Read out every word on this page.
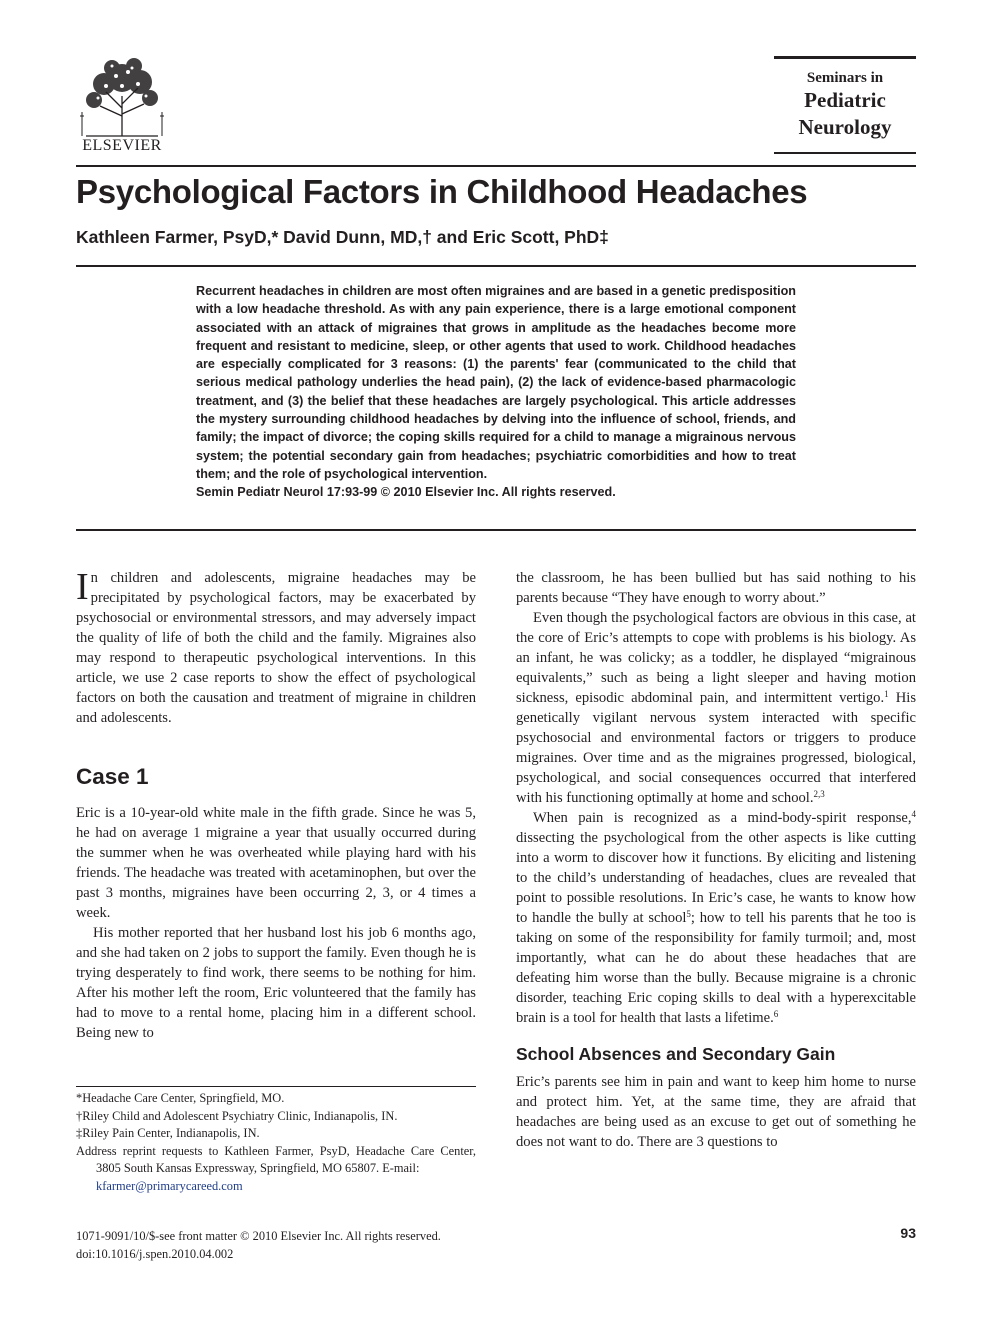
ELSEVIER
Seminars in
Pediatric
Neurology
Psychological Factors in Childhood Headaches
Kathleen Farmer, PsyD,* David Dunn, MD,† and Eric Scott, PhD‡
Recurrent headaches in children are most often migraines and are based in a genetic predisposition with a low headache threshold. As with any pain experience, there is a large emotional component associated with an attack of migraines that grows in amplitude as the headaches become more frequent and resistant to medicine, sleep, or other agents that used to work. Childhood headaches are especially complicated for 3 reasons: (1) the parents' fear (communicated to the child that serious medical pathology underlies the head pain), (2) the lack of evidence-based pharmacologic treatment, and (3) the belief that these headaches are largely psychological. This article addresses the mystery surrounding childhood headaches by delving into the influence of school, friends, and family; the impact of divorce; the coping skills required for a child to manage a migrainous nervous system; the potential secondary gain from headaches; psychiatric comorbidities and how to treat them; and the role of psychological intervention.
Semin Pediatr Neurol 17:93-99 © 2010 Elsevier Inc. All rights reserved.

In children and adolescents, migraine headaches may be precipitated by psychological factors, may be exacerbated by psychosocial or environmental stressors, and may adversely impact the quality of life of both the child and the family. Migraines also may respond to therapeutic psychological interventions. In this article, we use 2 case reports to show the effect of psychological factors on both the causation and treatment of migraine in children and adolescents.

Case 1

Eric is a 10-year-old white male in the fifth grade. Since he was 5, he had on average 1 migraine a year that usually occurred during the summer when he was overheated while playing hard with his friends. The headache was treated with acetaminophen, but over the past 3 months, migraines have been occurring 2, 3, or 4 times a week.

His mother reported that her husband lost his job 6 months ago, and she had taken on 2 jobs to support the family. Even though he is trying desperately to find work, there seems to be nothing for him. After his mother left the room, Eric volunteered that the family has had to move to a rental home, placing him in a different school. Being new to

the classroom, he has been bullied but has said nothing to his parents because “They have enough to worry about.”

Even though the psychological factors are obvious in this case, at the core of Eric’s attempts to cope with problems is his biology. As an infant, he was colicky; as a toddler, he displayed “migrainous equivalents,” such as being a light sleeper and having motion sickness, episodic abdominal pain, and intermittent vertigo.$^1$ His genetically vigilant nervous system interacted with specific psychosocial and environmental factors or triggers to produce migraines. Over time and as the migraines progressed, biological, psychological, and social consequences occurred that interfered with his functioning optimally at home and school.$^{2,3}$

When pain is recognized as a mind-body-spirit response,$^4$ dissecting the psychological from the other aspects is like cutting into a worm to discover how it functions. By eliciting and listening to the child’s understanding of headaches, clues are revealed that point to possible resolutions. In Eric’s case, he wants to know how to handle the bully at school$^5$; how to tell his parents that he too is taking on some of the responsibility for family turmoil; and, most importantly, what can he do about these headaches that are defeating him worse than the bully. Because migraine is a chronic disorder, teaching Eric coping skills to deal with a hyperexcitable brain is a tool for health that lasts a lifetime.$^6$

School Absences and Secondary Gain

Eric’s parents see him in pain and want to keep him home to nurse and protect him. Yet, at the same time, they are afraid that headaches are being used as an excuse to get out of something he does not want to do. There are 3 questions to

*Headache Care Center, Springfield, MO.
†Riley Child and Adolescent Psychiatry Clinic, Indianapolis, IN.
‡Riley Pain Center, Indianapolis, IN.
Address reprint requests to Kathleen Farmer, PsyD, Headache Care Center, 3805 South Kansas Expressway, Springfield, MO 65807. E-mail:
kfarmer@primarycareed.com
1071-9091/10/$-see front matter © 2010 Elsevier Inc. All rights reserved.
doi:10.1016/j.spen.2010.04.002
93
